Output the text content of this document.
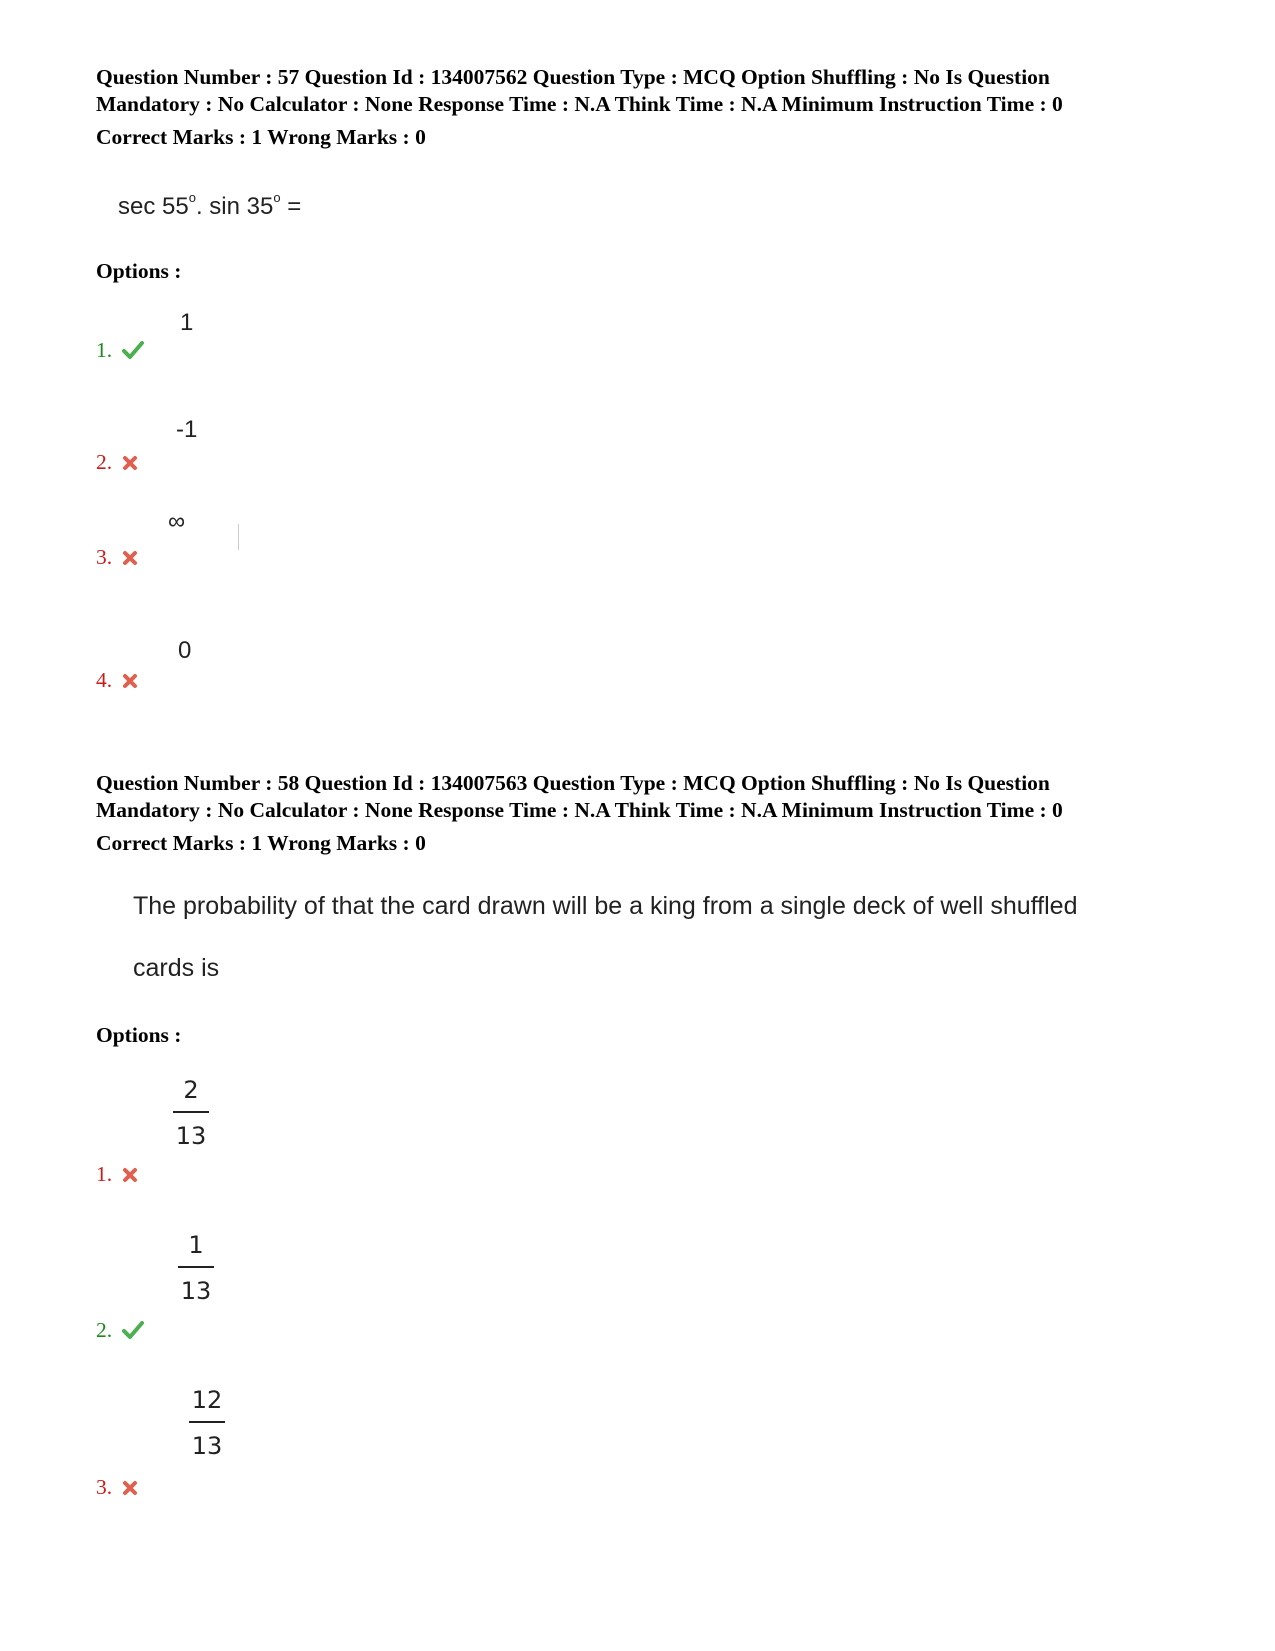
Question Number : 57 Question Id : 134007562 Question Type : MCQ Option Shuffling : No Is Question
Mandatory : No Calculator : None Response Time : N.A Think Time : N.A Minimum Instruction Time : 0
Correct Marks : 1 Wrong Marks : 0
sec 55$^o$. $\sin 35^o$ =
Options :
1
1.
-1
2.
∞
3.
0
4.
Question Number : 58 Question Id : 134007563 Question Type : MCQ Option Shuffling : No Is Question
Mandatory : No Calculator : None Response Time : N.A Think Time : N.A Minimum Instruction Time : 0
Correct Marks : 1 Wrong Marks : 0
The probability of that the card drawn will be a king from a single deck of well shuffled
cards is
Options :
2
13
1.
1
13
2.
12
13
3.
